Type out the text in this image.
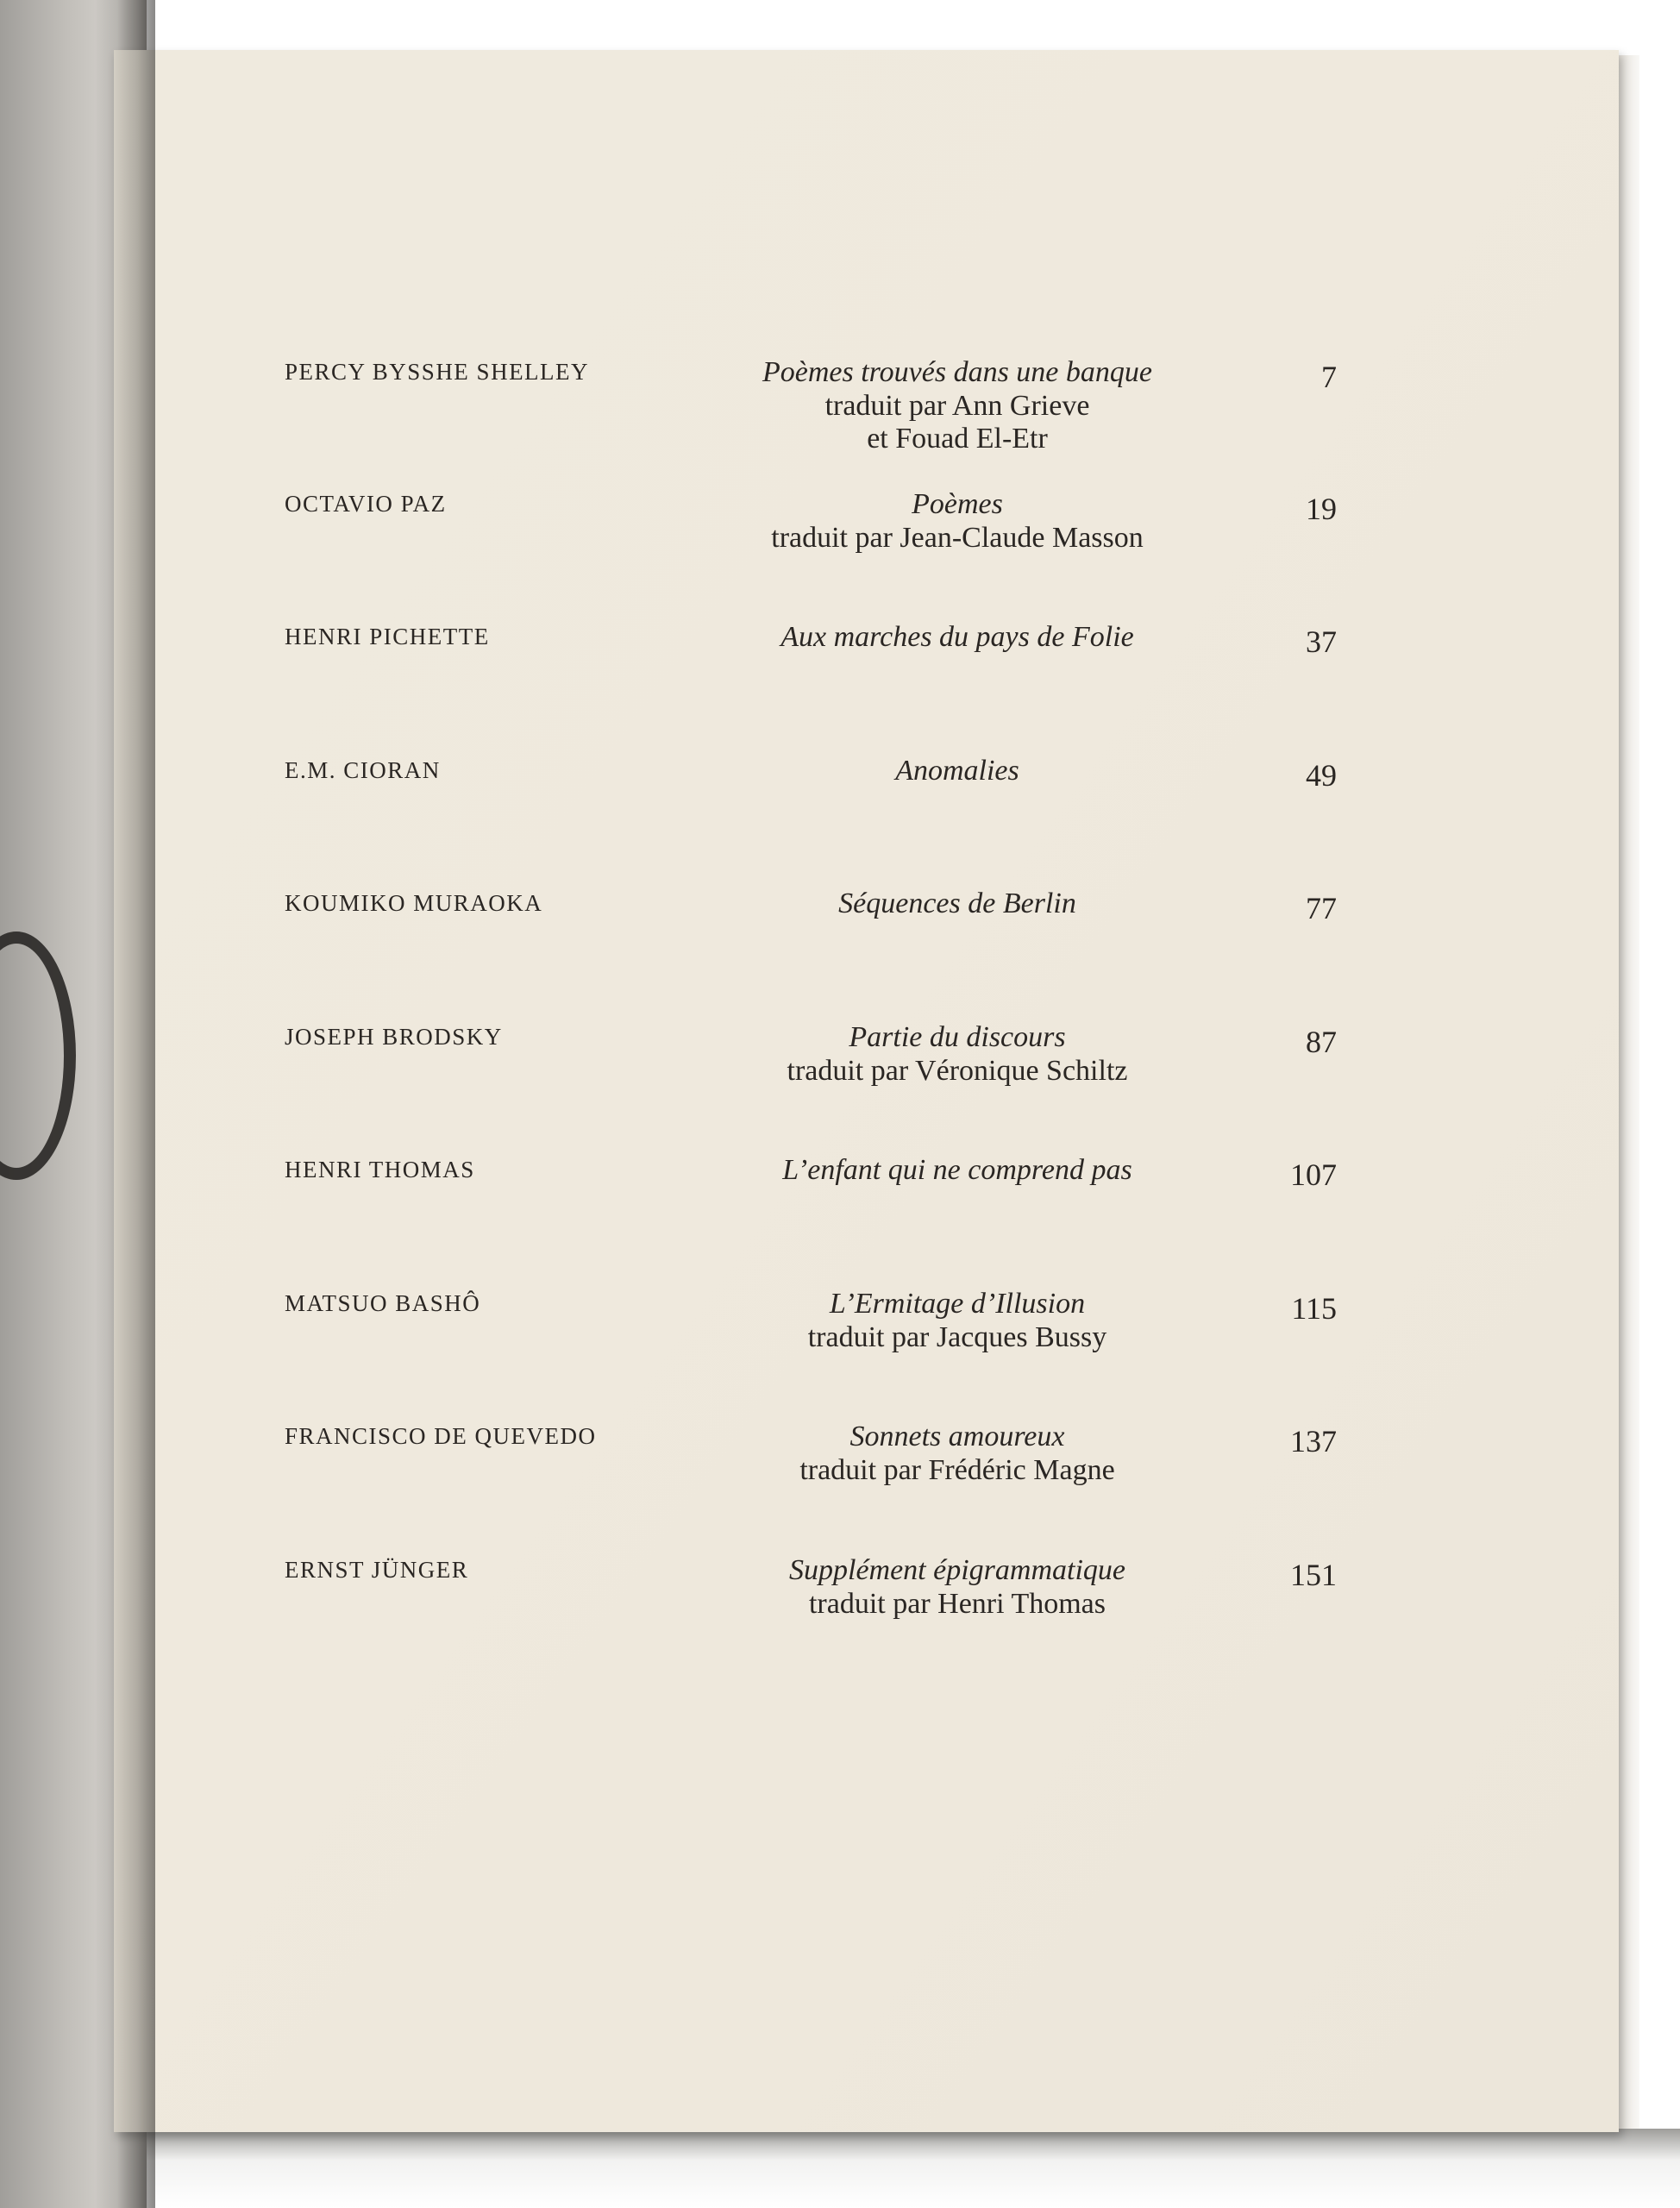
PERCY BYSSHE SHELLEY	Poèmes trouvés dans une banque
traduit par Ann Grieve
et Fouad El-Etr
7
OCTAVIO PAZ	Poèmes
traduit par Jean-Claude Masson
19
HENRI PICHETTE	Aux marches du pays de Folie	37
E.M. CIORAN	Anomalies	49
KOUMIKO MURAOKA	Séquences de Berlin	77
JOSEPH BRODSKY	Partie du discours
traduit par Véronique Schiltz
87
HENRI THOMAS	L’enfant qui ne comprend pas	107
MATSUO BASHÔ	L’Ermitage d’Illusion
traduit par Jacques Bussy
115
FRANCISCO DE QUEVEDO	Sonnets amoureux
traduit par Frédéric Magne
137
ERNST JÜNGER	Supplément épigrammatique
traduit par Henri Thomas
151
